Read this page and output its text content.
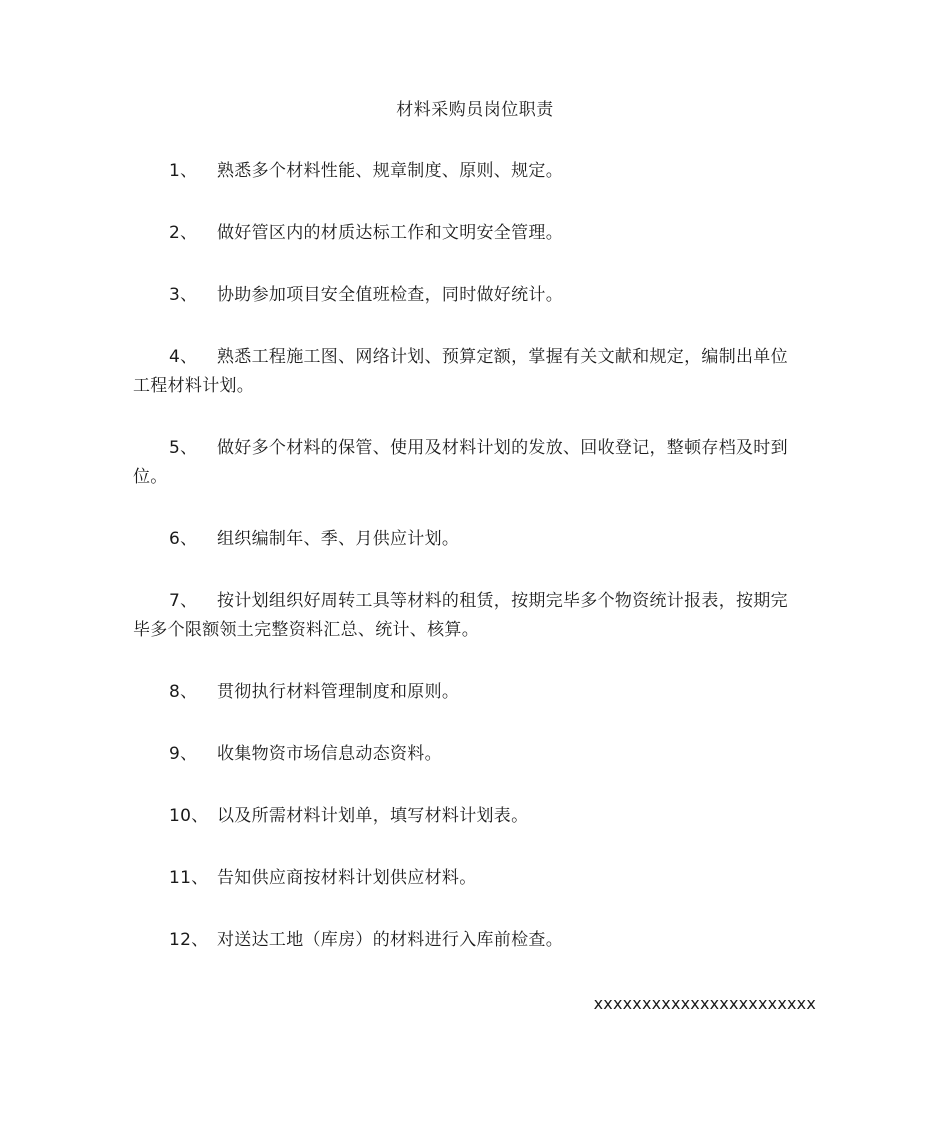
材料采购员岗位职责
1、	熟悉多个材料性能、规章制度、原则、规定。
2、	做好管区内的材质达标工作和文明安全管理。
3、	协助参加项目安全值班检查，同时做好统计。
4、	熟悉工程施工图、网络计划、预算定额，掌握有关文献和规定，编制出单位
工程材料计划。
5、	做好多个材料的保管、使用及材料计划的发放、回收登记，整顿存档及时到
位。
6、	组织编制年、季、月供应计划。
7、	按计划组织好周转工具等材料的租赁，按期完毕多个物资统计报表，按期完
毕多个限额领土完整资料汇总、统计、核算。
8、	贯彻执行材料管理制度和原则。
9、	收集物资市场信息动态资料。
10、 以及所需材料计划单，填写材料计划表。
11、 告知供应商按材料计划供应材料。
12、 对送达工地（库房）的材料进行入库前检查。
xxxxxxxxxxxxxxxxxxxxxxx
